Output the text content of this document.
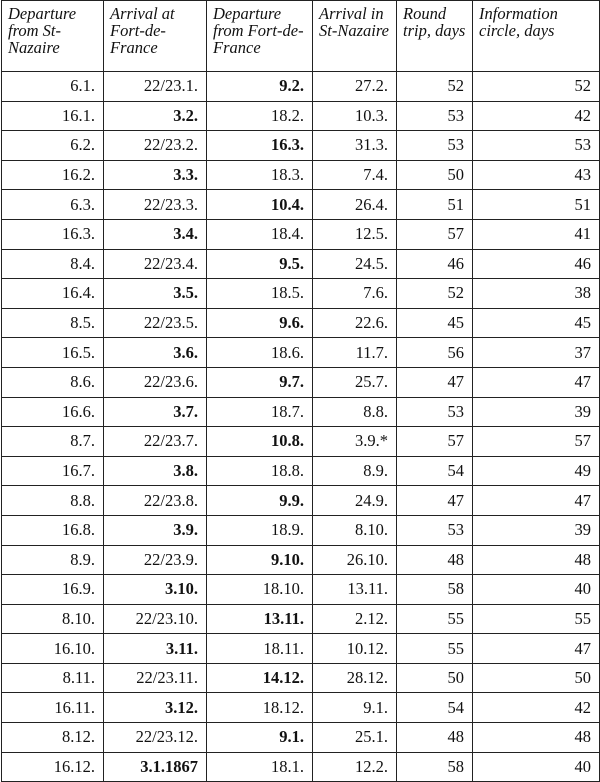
Departure from St-Nazaire	Arrival at Fort-de-France	Departure from Fort-de-France	Arrival in St-Nazaire	Round trip, days	Information circle, days
6.1.	22/23.1.	9.2.	27.2.	52	52
16.1.	3.2.	18.2.	10.3.	53	42
6.2.	22/23.2.	16.3.	31.3.	53	53
16.2.	3.3.	18.3.	7.4.	50	43
6.3.	22/23.3.	10.4.	26.4.	51	51
16.3.	3.4.	18.4.	12.5.	57	41
8.4.	22/23.4.	9.5.	24.5.	46	46
16.4.	3.5.	18.5.	7.6.	52	38
8.5.	22/23.5.	9.6.	22.6.	45	45
16.5.	3.6.	18.6.	11.7.	56	37
8.6.	22/23.6.	9.7.	25.7.	47	47
16.6.	3.7.	18.7.	8.8.	53	39
8.7.	22/23.7.	10.8.	3.9.*	57	57
16.7.	3.8.	18.8.	8.9.	54	49
8.8.	22/23.8.	9.9.	24.9.	47	47
16.8.	3.9.	18.9.	8.10.	53	39
8.9.	22/23.9.	9.10.	26.10.	48	48
16.9.	3.10.	18.10.	13.11.	58	40
8.10.	22/23.10.	13.11.	2.12.	55	55
16.10.	3.11.	18.11.	10.12.	55	47
8.11.	22/23.11.	14.12.	28.12.	50	50
16.11.	3.12.	18.12.	9.1.	54	42
8.12.	22/23.12.	9.1.	25.1.	48	48
16.12.	3.1.1867	18.1.	12.2.	58	40
